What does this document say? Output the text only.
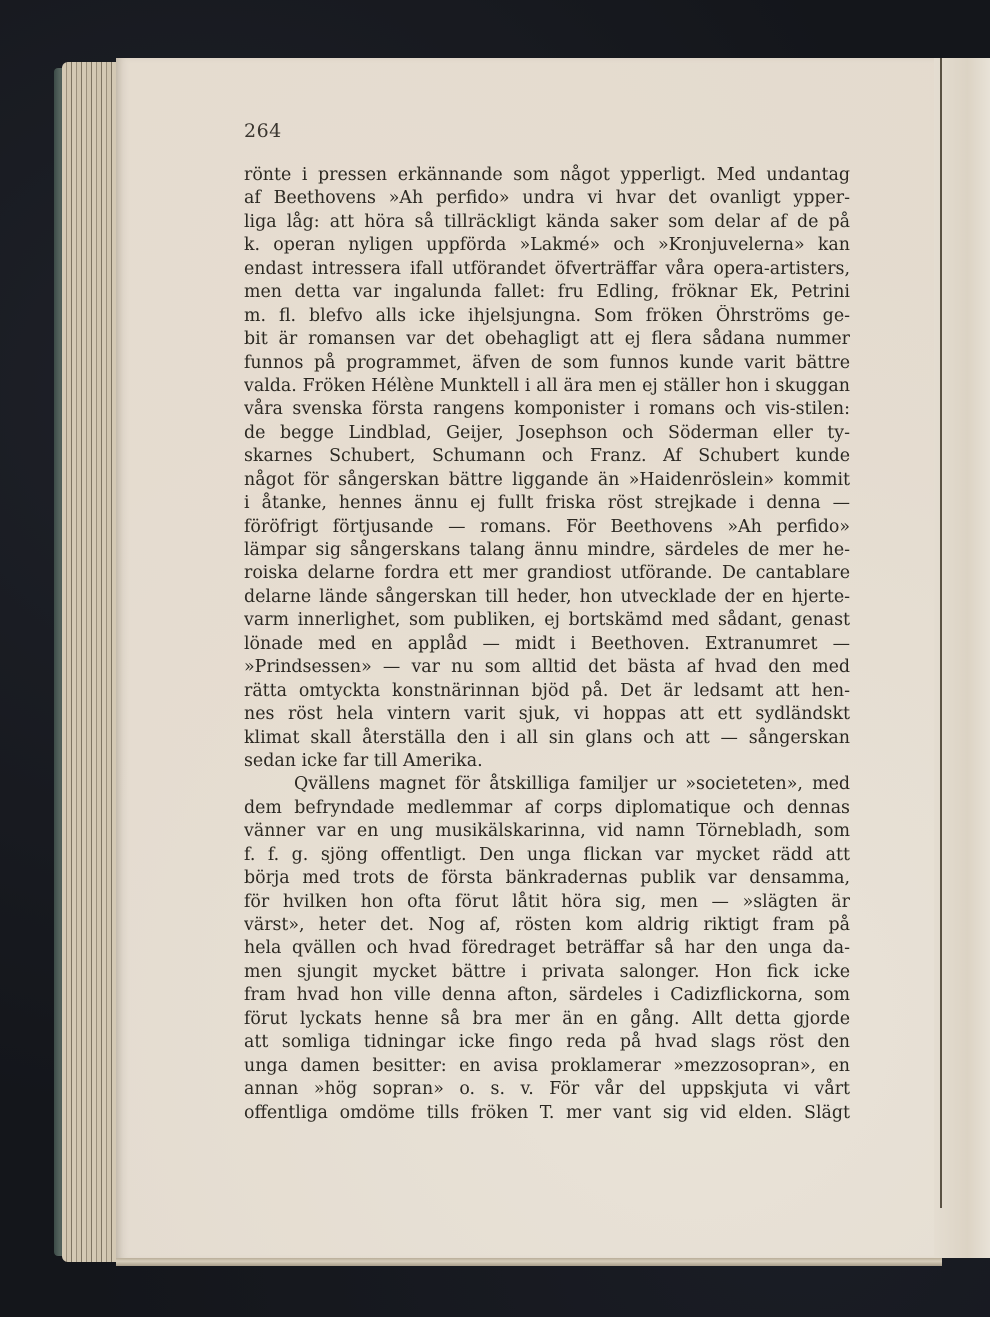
264
rönte i pressen erkännande som något ypperligt. Med undantag
af Beethovens »Ah perfido» undra vi hvar det ovanligt ypper-
liga låg: att höra så tillräckligt kända saker som delar af de på
k. operan nyligen uppförda »Lakmé» och »Kronjuvelerna» kan
endast intressera ifall utförandet öfverträffar våra opera-artisters,
men detta var ingalunda fallet: fru Edling, fröknar Ek, Petrini
m. fl. blefvo alls icke ihjelsjungna. Som fröken Öhrströms ge-
bit är romansen var det obehagligt att ej flera sådana nummer
funnos på programmet, äfven de som funnos kunde varit bättre
valda. Fröken Hélène Munktell i all ära men ej ställer hon i skuggan
våra svenska första rangens komponister i romans och vis-stilen:
de begge Lindblad, Geijer, Josephson och Söderman eller ty-
skarnes Schubert, Schumann och Franz. Af Schubert kunde
något för sångerskan bättre liggande än »Haidenröslein» kommit
i åtanke, hennes ännu ej fullt friska röst strejkade i denna —
föröfrigt förtjusande — romans. För Beethovens »Ah perfido»
lämpar sig sångerskans talang ännu mindre, särdeles de mer he-
roiska delarne fordra ett mer grandiost utförande. De cantablare
delarne lände sångerskan till heder, hon utvecklade der en hjerte-
varm innerlighet, som publiken, ej bortskämd med sådant, genast
lönade med en applåd — midt i Beethoven. Extranumret —
»Prindsessen» — var nu som alltid det bästa af hvad den med
rätta omtyckta konstnärinnan bjöd på. Det är ledsamt att hen-
nes röst hela vintern varit sjuk, vi hoppas att ett sydländskt
klimat skall återställa den i all sin glans och att — sångerskan
sedan icke far till Amerika.
Qvällens magnet för åtskilliga familjer ur »societeten», med
dem befryndade medlemmar af corps diplomatique och dennas
vänner var en ung musikälskarinna, vid namn Törnebladh, som
f. f. g. sjöng offentligt. Den unga flickan var mycket rädd att
börja med trots de första bänkradernas publik var densamma,
för hvilken hon ofta förut låtit höra sig, men — »slägten är
värst», heter det. Nog af, rösten kom aldrig riktigt fram på
hela qvällen och hvad föredraget beträffar så har den unga da-
men sjungit mycket bättre i privata salonger. Hon fick icke
fram hvad hon ville denna afton, särdeles i Cadizflickorna, som
förut lyckats henne så bra mer än en gång. Allt detta gjorde
att somliga tidningar icke fingo reda på hvad slags röst den
unga damen besitter: en avisa proklamerar »mezzosopran», en
annan »hög sopran» o. s. v. För vår del uppskjuta vi vårt
offentliga omdöme tills fröken T. mer vant sig vid elden. Slägt
